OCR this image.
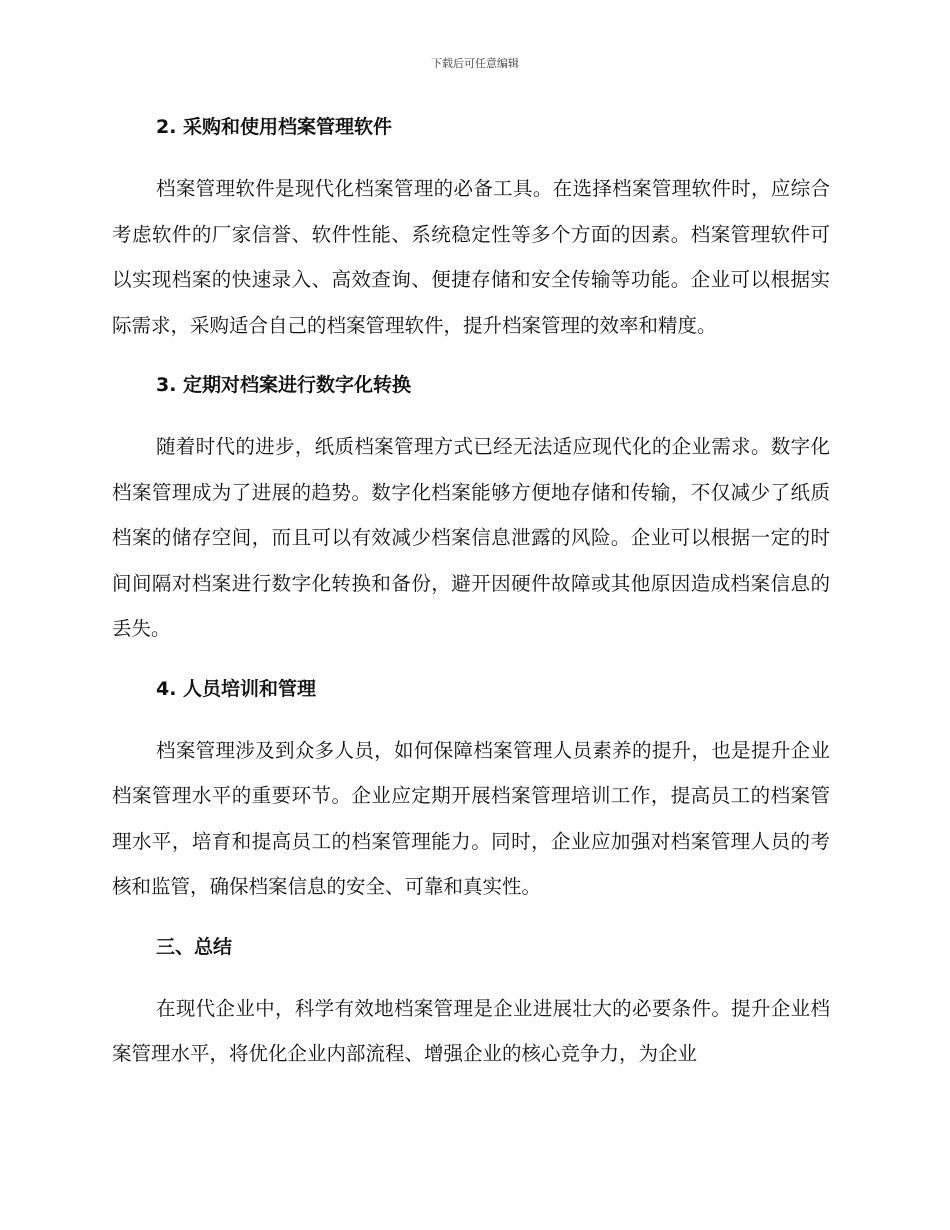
下载后可任意编辑
2. 采购和使用档案管理软件
档案管理软件是现代化档案管理的必备工具。在选择档案管理软件时，应综合考虑软件的厂家信誉、软件性能、系统稳定性等多个方面的因素。档案管理软件可以实现档案的快速录入、高效查询、便捷存储和安全传输等功能。企业可以根据实际需求，采购适合自己的档案管理软件，提升档案管理的效率和精度。
3. 定期对档案进行数字化转换
随着时代的进步，纸质档案管理方式已经无法适应现代化的企业需求。数字化档案管理成为了进展的趋势。数字化档案能够方便地存储和传输，不仅减少了纸质档案的储存空间，而且可以有效减少档案信息泄露的风险。企业可以根据一定的时间间隔对档案进行数字化转换和备份，避开因硬件故障或其他原因造成档案信息的丢失。
4. 人员培训和管理
档案管理涉及到众多人员，如何保障档案管理人员素养的提升，也是提升企业档案管理水平的重要环节。企业应定期开展档案管理培训工作，提高员工的档案管理水平，培育和提高员工的档案管理能力。同时，企业应加强对档案管理人员的考核和监管，确保档案信息的安全、可靠和真实性。
三、总结
在现代企业中，科学有效地档案管理是企业进展壮大的必要条件。提升企业档案管理水平，将优化企业内部流程、增强企业的核心竞争力，为企业
